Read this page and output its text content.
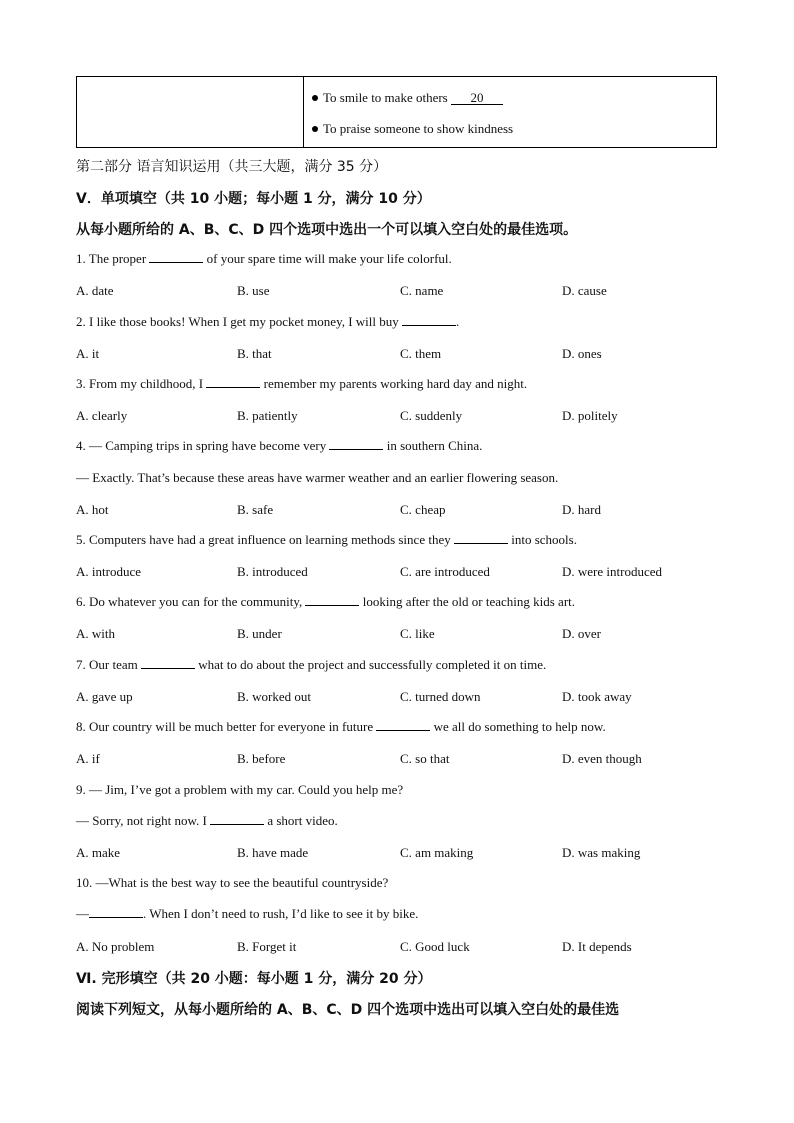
To smile to make others 20
To praise someone to show kindness
第二部分 语言知识运用（共三大题，满分 35 分）
Ⅴ．单项填空（共 10 小题；每小题 1 分，满分 10 分）
从每小题所给的 A、B、C、D 四个选项中选出一个可以填入空白处的最佳选项。
1. The proper	of your spare time will make your life colorful.
A. date	B. use	C. name	D. cause
2. I like those books! When I get my pocket money, I will buy	.
A. it	B. that	C. them	D. ones
3. From my childhood, I	remember my parents working hard day and night.
A. clearly	B. patiently	C. suddenly	D. politely
4. — Camping trips in spring have become very	in southern China.
— Exactly. That’s because these areas have warmer weather and an earlier flowering season.
A. hot	B. safe	C. cheap	D. hard
5. Computers have had a great influence on learning methods since they	into schools.
A. introduce	B. introduced	C. are introduced	D. were introduced
6. Do whatever you can for the community,	looking after the old or teaching kids art.
A. with	B. under	C. like	D. over
7. Our team	what to do about the project and successfully completed it on time.
A. gave up	B. worked out	C. turned down	D. took away
8. Our country will be much better for everyone in future	we all do something to help now.
A. if	B. before	C. so that	D. even though
9. — Jim, I’ve got a problem with my car. Could you help me?
— Sorry, not right now. I	a short video.
A. make	B. have made	C. am making	D. was making
10. —What is the best way to see the beautiful countryside?
—	. When I don’t need to rush, I’d like to see it by bike.
A. No problem	B. Forget it	C. Good luck	D. It depends
Ⅵ. 完形填空（共 20 小题：每小题 1 分，满分 20 分）
阅读下列短文，从每小题所给的 A、B、C、D 四个选项中选出可以填入空白处的最佳选
